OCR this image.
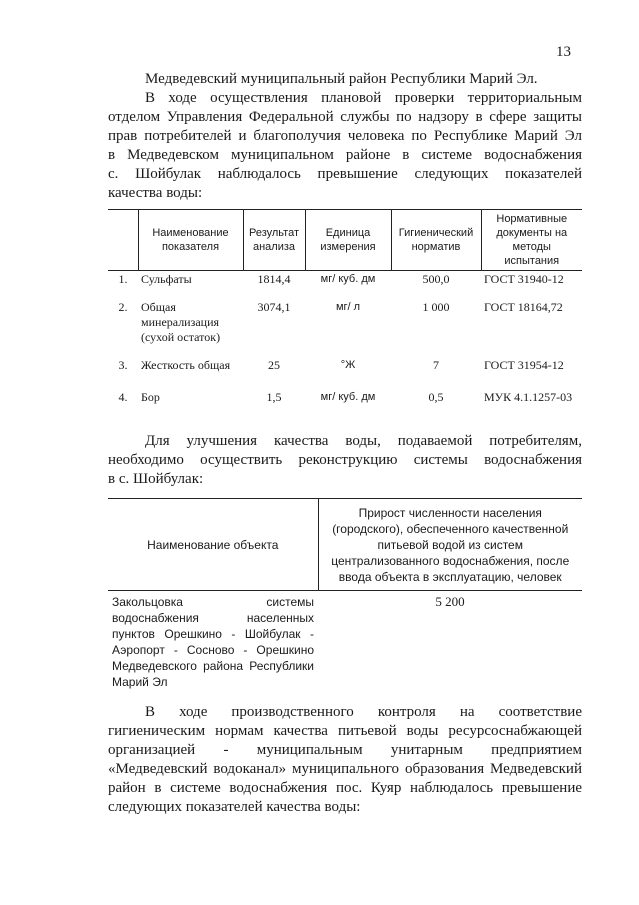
13
Медведевский муниципальный район Республики Марий Эл.
В ходе осуществления плановой проверки территориальным
отделом Управления Федеральной службы по надзору в сфере защиты
прав потребителей и благополучия человека по Республике Марий Эл
в Медведевском муниципальном районе в системе водоснабжения
с. Шойбулак наблюдалось превышение следующих показателей
качества воды:
	Наименование показателя	Результат анализа	Единица измерения	Гигиенический норматив	Нормативные документы на методы испытания
1.	Сульфаты	1814,4	мг/ куб. дм	500,0	ГОСТ 31940-12
2.	Общая минерализация (сухой остаток)	3074,1	мг/ л	1 000	ГОСТ 18164,72
3.	Жесткость общая	25	°Ж	7	ГОСТ 31954-12
4.	Бор	1,5	мг/ куб. дм	0,5	МУК 4.1.1257-03
Для улучшения качества воды, подаваемой потребителям,
необходимо осуществить реконструкцию системы водоснабжения
в с. Шойбулак:
Наименование объекта	Прирост численности населения (городского), обеспеченного качественной питьевой водой из систем централизованного водоснабжения, после ввода объекта в эксплуатацию, человек
Закольцовка системы водоснабжения населенных пунктов Орешкино - Шойбулак - Аэропорт - Сосново - Орешкино Медведевского района Республики Марий Эл	5 200
В ходе производственного контроля на соответствие
гигиеническим нормам качества питьевой воды ресурсоснабжающей
организацией - муниципальным унитарным предприятием
«Медведевский водоканал» муниципального образования Медведевский
район в системе водоснабжения пос. Куяр наблюдалось превышение
следующих показателей качества воды:
